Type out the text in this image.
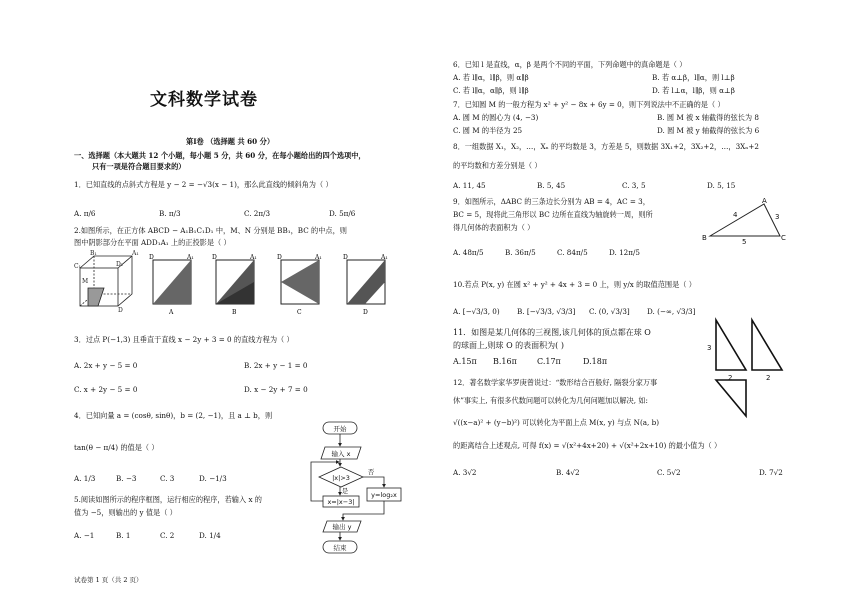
文科数学试卷
第Ⅰ卷 （选择题 共 60 分）
一、选择题（本大题共 12 个小题，每小题 5 分，共 60 分，在每小题给出的四个选项中，
只有一项是符合题目要求的）
1．已知直线的点斜式方程是 y − 2 = −√3(x − 1)，那么此直线的倾斜角为（ ）
A. π/6	B. π/3	C. 2π/3	D. 5π/6
2.如图所示，在正方体 ABCD − A₁B₁C₁D₁ 中，M、N 分别是 BB₁，BC 的中点，则
图中阴影部分在平面 ADD₁A₁ 上的正投影是（ ）
C₁
B₁	A₁
D₁
M
D
D	A₁
A
D	A₁
B
D	A₁
C
D	A₁
D
3．过点 P(−1,3) 且垂直于直线 x − 2y + 3 = 0 的直线方程为（ ）
A. 2x + y − 5 = 0	B. 2x + y − 1 = 0
C. x + 2y − 5 = 0	D. x − 2y + 7 = 0
4．已知向量 a = (cosθ, sinθ)，b = (2, −1)，且 a ⊥ b，则
tan(θ − π/4) 的值是（ ）
A. 1/3	B. −3	C. 3	D. −1/3
5.阅读如图所示的程序框图，运行相应的程序，若输入 x 的
值为 −5，则输出的 y 值是（ ）
A. −1	B. 1	C. 2	D. 1/4
开始
输入 x
|x|>3
否
是
x=|x−3|
y=log₂x
输出 y
结束
试卷第 1 页（共 2 页）
6．已知 l 是直线，α，β 是两个不同的平面，下列命题中的真命题是（ ）
A. 若 l∥α，l∥β，则 α∥β	B. 若 α⊥β，l∥α，则 l⊥β
C. 若 l∥α，α∥β，则 l∥β	D. 若 l⊥α，l∥β，则 α⊥β
7．已知圆 M 的一般方程为 x² + y² − 8x + 6y = 0，则下列说法中不正确的是（ ）
A. 圆 M 的圆心为 (4, −3)	B. 圆 M 被 x 轴截得的弦长为 8
C. 圆 M 的半径为 25	D. 圆 M 被 y 轴截得的弦长为 6
8．一组数据 X₁，X₂，…，Xₙ 的平均数是 3，方差是 5，则数据 3X₁+2，3X₂+2，…，3Xₙ+2
的平均数和方差分别是（ ）
A. 11, 45	B. 5, 45	C. 3, 5	D. 5, 15
9．如图所示，ΔABC 的三条边长分别为 AB = 4，AC = 3，
BC = 5，现将此三角形以 BC 边所在直线为轴旋转一周，则所
得几何体的表面积为（ ）
A. 48π/5	B. 36π/5	C. 84π/5	D. 12π/5
A
B	C
4	3
5
10.若点 P(x, y) 在圆 x² + y² + 4x + 3 = 0 上，则 y/x 的取值范围是（ ）
A. [−√3/3, 0) B. [−√3/3, √3/3] C. (0, √3/3] D. (−∞, √3/3]
11．如图是某几何体的三视图,该几何体的顶点都在球 O
的球面上,则球 O 的表面积为( )
A.15π B.16π	C.17π	D.18π
3
2	2
12．著名数学家华罗庚曾说过：“数形结合百般好, 隔裂分家万事
休”事实上, 有很多代数问题可以转化为几何问题加以解决, 如:
√((x−a)² + (y−b)²) 可以转化为平面上点 M(x, y) 与点 N(a, b)
的距离结合上述观点, 可得 f(x) = √(x²+4x+20) + √(x²+2x+10) 的最小值为（ ）
A. 3√2	B. 4√2	C. 5√2	D. 7√2
